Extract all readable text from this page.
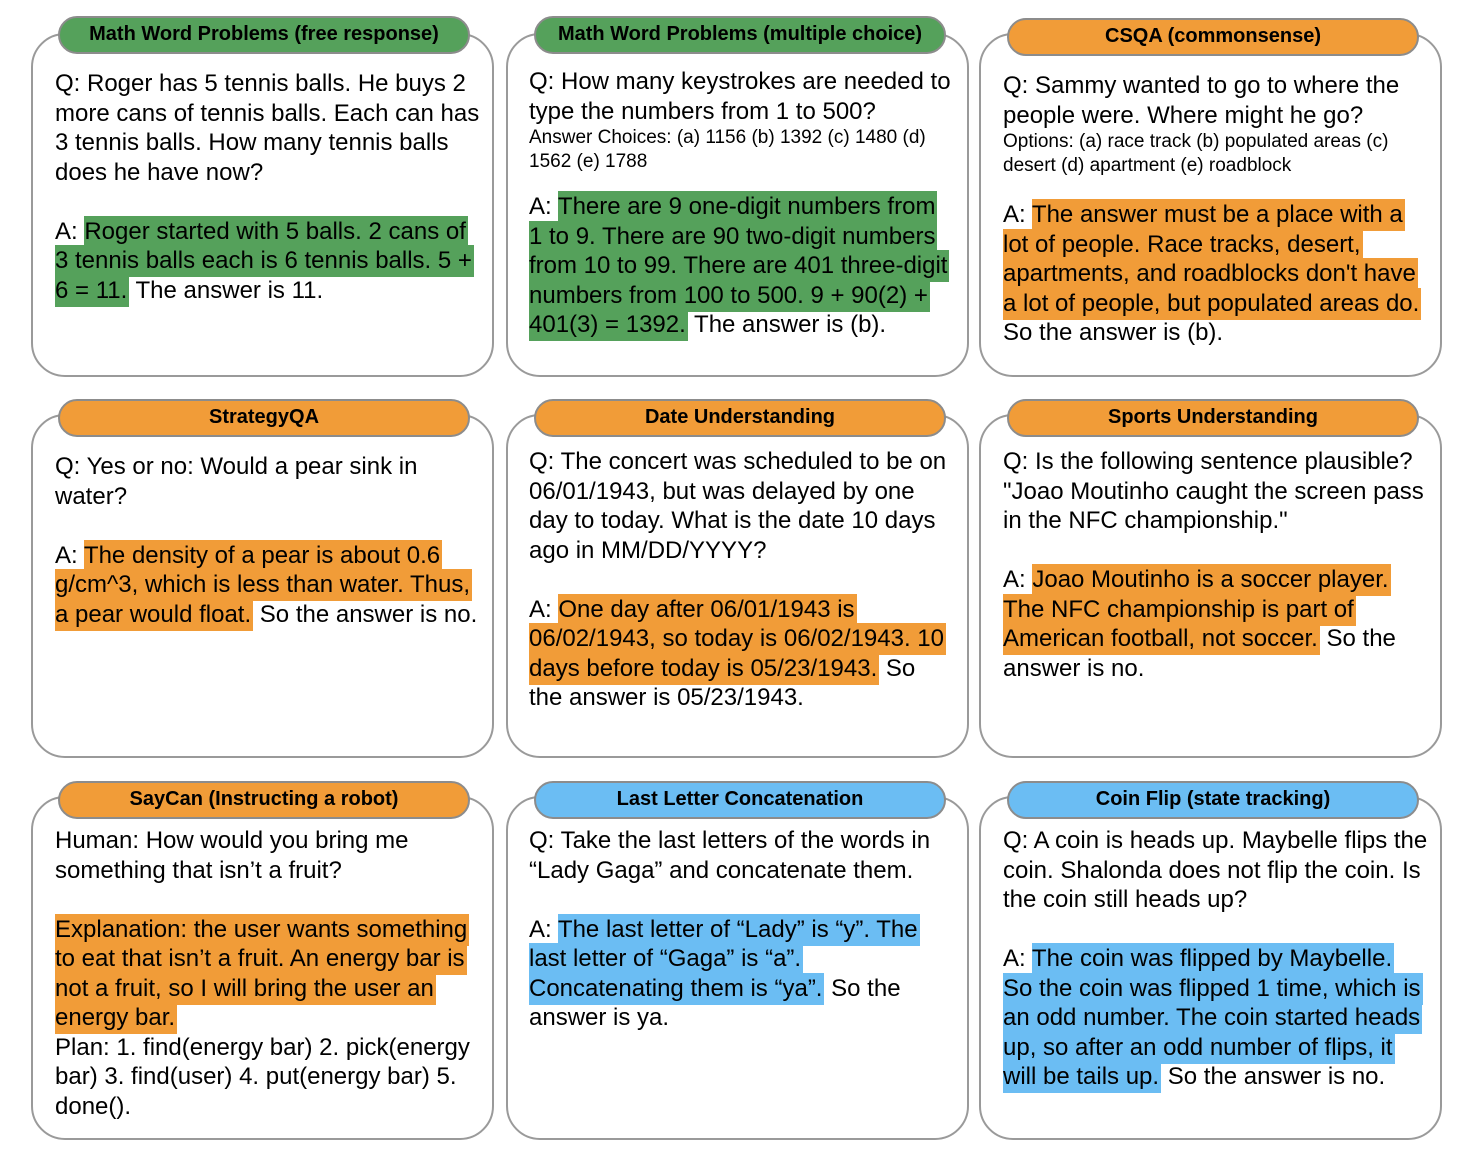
Math Word Problems (free response)

Q: Roger has 5 tennis balls. He buys 2 more cans of tennis balls. Each can has 3 tennis balls. How many tennis balls does he have now?

A: Roger started with 5 balls. 2 cans of 3 tennis balls each is 6 tennis balls. 5 + 6 = 11. The answer is 11.

Math Word Problems (multiple choice)

Q: How many keystrokes are needed to type the numbers from 1 to 500?

Answer Choices: (a) 1156 (b) 1392 (c) 1480 (d) 1562 (e) 1788

A: There are 9 one-digit numbers from 1 to 9. There are 90 two-digit numbers from 10 to 99. There are 401 three-digit numbers from 100 to 500. 9 + 90(2) + 401(3) = 1392. The answer is (b).

CSQA (commonsense)

Q: Sammy wanted to go to where the people were. Where might he go?

Options: (a) race track (b) populated areas (c) desert (d) apartment (e) roadblock

A: The answer must be a place with a lot of people. Race tracks, desert, apartments, and roadblocks don't have a lot of people, but populated areas do. So the answer is (b).

StrategyQA

Q: Yes or no: Would a pear sink in water?

A: The density of a pear is about 0.6 g/cm^3, which is less than water. Thus, a pear would float. So the answer is no.

Date Understanding

Q: The concert was scheduled to be on 06/01/1943, but was delayed by one day to today. What is the date 10 days ago in MM/DD/YYYY?

A: One day after 06/01/1943 is 06/02/1943, so today is 06/02/1943. 10 days before today is 05/23/1943. So the answer is 05/23/1943.

Sports Understanding

Q: Is the following sentence plausible? "Joao Moutinho caught the screen pass in the NFC championship."

A: Joao Moutinho is a soccer player. The NFC championship is part of American football, not soccer. So the answer is no.

SayCan (Instructing a robot)

Human: How would you bring me something that isn’t a fruit?

Explanation: the user wants something to eat that isn’t a fruit. An energy bar is not a fruit, so I will bring the user an energy bar.

Plan: 1. find(energy bar) 2. pick(energy bar) 3. find(user) 4. put(energy bar) 5. done().

Last Letter Concatenation

Q: Take the last letters of the words in “Lady Gaga” and concatenate them.

A: The last letter of “Lady” is “y”. The last letter of “Gaga” is “a”. Concatenating them is “ya”. So the answer is ya.

Coin Flip (state tracking)

Q: A coin is heads up. Maybelle flips the coin. Shalonda does not flip the coin. Is the coin still heads up?

A: The coin was flipped by Maybelle. So the coin was flipped 1 time, which is an odd number. The coin started heads up, so after an odd number of flips, it will be tails up. So the answer is no.
